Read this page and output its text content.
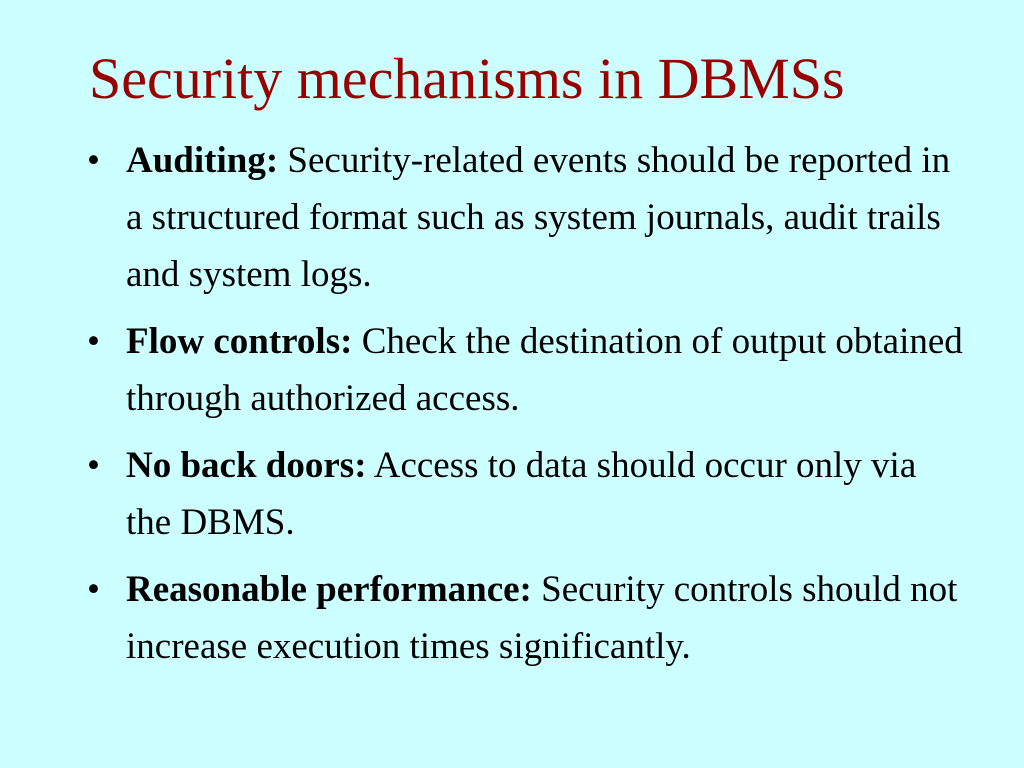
Security mechanisms in DBMSs
• Auditing: Security-related events should be reported in a structured format such as system journals, audit trails and system logs.
• Flow controls: Check the destination of output obtained through authorized access.
• No back doors: Access to data should occur only via the DBMS.
• Reasonable performance: Security controls should not increase execution times significantly.
